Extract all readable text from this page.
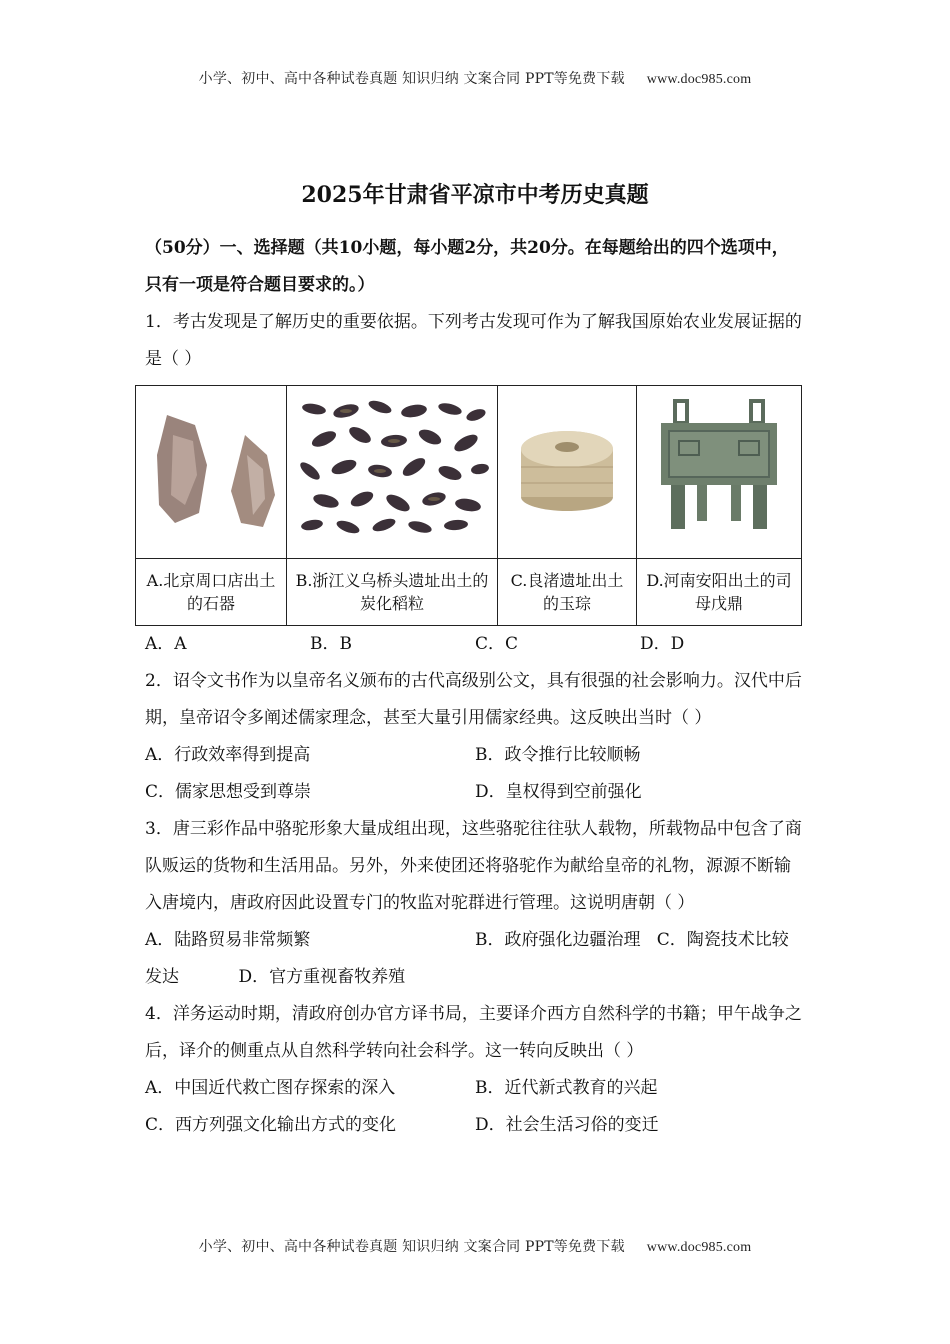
小学、初中、高中各种试卷真题 知识归纳 文案合同 PPT等免费下载 www.doc985.com
2025年甘肃省平凉市中考历史真题

（50分）一、选择题（共10小题，每小题2分，共20分。在每题给出的四个选项中，只有一项是符合题目要求的。）

1．考古发现是了解历史的重要依据。下列考古发现可作为了解我国原始农业发展证据的是（ ）

A.北京周口店出土的石器	B.浙江义乌桥头遗址出土的炭化稻粒	C.良渚遗址出土的玉琮	D.河南安阳出土的司母戊鼎
A．A	B．B	C．C	D．D

2．诏令文书作为以皇帝名义颁布的古代高级别公文，具有很强的社会影响力。汉代中后期，皇帝诏令多阐述儒家理念，甚至大量引用儒家经典。这反映出当时（ ）

A．行政效率得到提高	B．政令推行比较顺畅
C．儒家思想受到尊崇	D．皇权得到空前强化

3．唐三彩作品中骆驼形象大量成组出现，这些骆驼往往驮人载物，所载物品中包含了商队贩运的货物和生活用品。另外，外来使团还将骆驼作为献给皇帝的礼物，源源不断输入唐境内，唐政府因此设置专门的牧监对驼群进行管理。这说明唐朝（ ）

A．陆路贸易非常频繁	B．政府强化边疆治理 C．陶瓷技术比较发达	D．官方重视畜牧养殖

4．洋务运动时期，清政府创办官方译书局，主要译介西方自然科学的书籍；甲午战争之后，译介的侧重点从自然科学转向社会科学。这一转向反映出（ ）

A．中国近代救亡图存探索的深入	B．近代新式教育的兴起
C．西方列强文化输出方式的变化	D．社会生活习俗的变迁
小学、初中、高中各种试卷真题 知识归纳 文案合同 PPT等免费下载 www.doc985.com
